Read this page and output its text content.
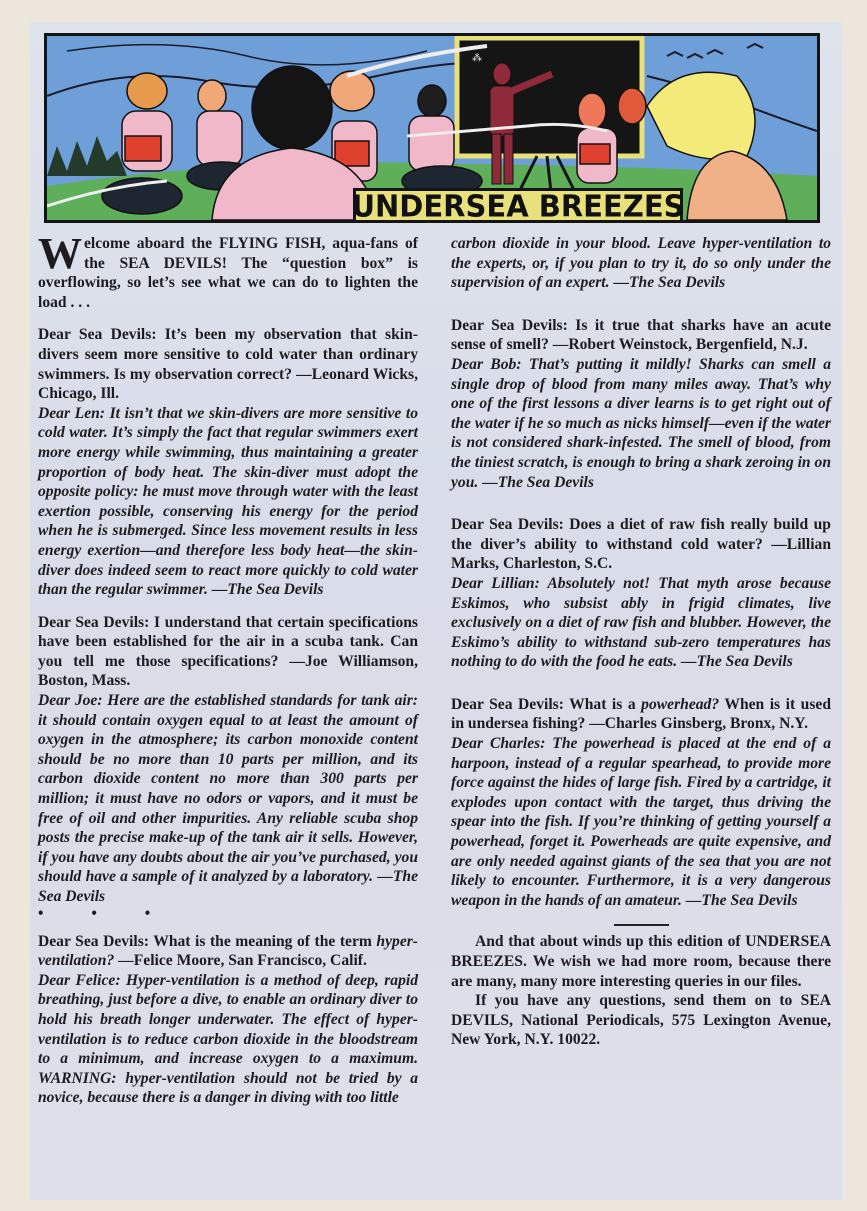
⁂
UNDERSEA BREEZES

Welcome aboard the FLYING FISH, aqua-fans of the SEA DEVILS! The “question box” is overflowing, so let’s see what we can do to lighten the load . . .

Dear Sea Devils: It’s been my observation that skin-divers seem more sensitive to cold water than ordinary swimmers. Is my observation correct? —Leonard Wicks, Chicago, Ill.

Dear Len: It isn’t that we skin-divers are more sensitive to cold water. It’s simply the fact that regular swimmers exert more energy while swimming, thus maintaining a greater proportion of body heat. The skin-diver must adopt the opposite policy: he must move through water with the least exertion possible, conserving his energy for the period when he is submerged. Since less movement results in less energy exertion—and therefore less body heat—the skin-diver does indeed seem to react more quickly to cold water than the regular swimmer. —The Sea Devils

Dear Sea Devils: I understand that certain specifications have been established for the air in a scuba tank. Can you tell me those specifications? —Joe Williamson, Boston, Mass.

Dear Joe: Here are the established standards for tank air: it should contain oxygen equal to at least the amount of oxygen in the atmosphere; its carbon monoxide content should be no more than 10 parts per million, and its carbon dioxide content no more than 300 parts per million; it must have no odors or vapors, and it must be free of oil and other impurities. Any reliable scuba shop posts the precise make-up of the tank air it sells. However, if you have any doubts about the air you’ve purchased, you should have a sample of it analyzed by a laboratory. —The Sea Devils

• • •

Dear Sea Devils: What is the meaning of the term hyper-ventilation? —Felice Moore, San Francisco, Calif.

Dear Felice: Hyper-ventilation is a method of deep, rapid breathing, just before a dive, to enable an ordinary diver to hold his breath longer underwater. The effect of hyper-ventilation is to reduce carbon dioxide in the bloodstream to a minimum, and increase oxygen to a maximum. WARNING: hyper-ventilation should not be tried by a novice, because there is a danger in diving with too little

carbon dioxide in your blood. Leave hyper-ventilation to the experts, or, if you plan to try it, do so only under the supervision of an expert. —The Sea Devils

Dear Sea Devils: Is it true that sharks have an acute sense of smell? —Robert Weinstock, Bergenfield, N.J.

Dear Bob: That’s putting it mildly! Sharks can smell a single drop of blood from many miles away. That’s why one of the first lessons a diver learns is to get right out of the water if he so much as nicks himself—even if the water is not considered shark-infested. The smell of blood, from the tiniest scratch, is enough to bring a shark zeroing in on you. —The Sea Devils

Dear Sea Devils: Does a diet of raw fish really build up the diver’s ability to withstand cold water? —Lillian Marks, Charleston, S.C.

Dear Lillian: Absolutely not! That myth arose because Eskimos, who subsist ably in frigid climates, live exclusively on a diet of raw fish and blubber. However, the Eskimo’s ability to withstand sub-zero temperatures has nothing to do with the food he eats. —The Sea Devils

Dear Sea Devils: What is a powerhead? When is it used in undersea fishing? —Charles Ginsberg, Bronx, N.Y.

Dear Charles: The powerhead is placed at the end of a harpoon, instead of a regular spearhead, to provide more force against the hides of large fish. Fired by a cartridge, it explodes upon contact with the target, thus driving the spear into the fish. If you’re thinking of getting yourself a powerhead, forget it. Powerheads are quite expensive, and are only needed against giants of the sea that you are not likely to encounter. Furthermore, it is a very dangerous weapon in the hands of an amateur. —The Sea Devils

And that about winds up this edition of UNDERSEA BREEZES. We wish we had more room, because there are many, many more interesting queries in our files.

If you have any questions, send them on to SEA DEVILS, National Periodicals, 575 Lexington Avenue, New York, N.Y. 10022.
